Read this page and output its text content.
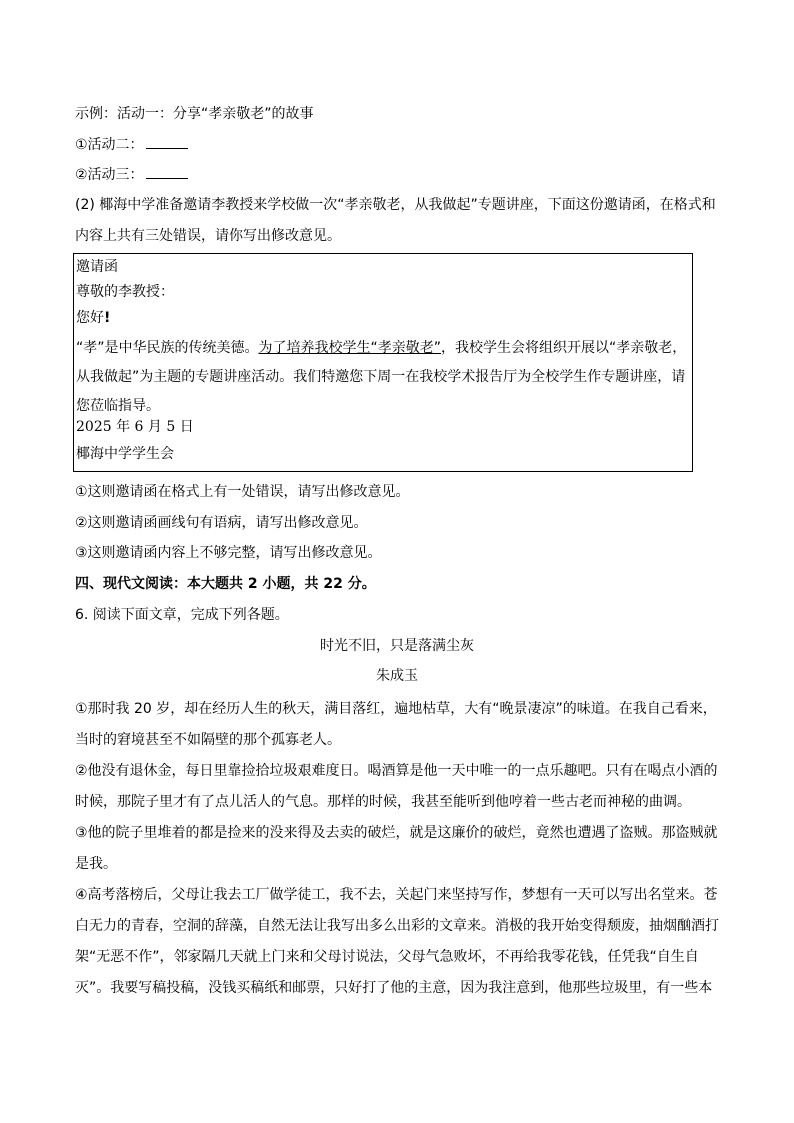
示例：活动一：分享“孝亲敬老”的故事
①活动二：
②活动三：
(2) 椰海中学准备邀请李教授来学校做一次“孝亲敬老，从我做起”专题讲座，下面这份邀请函，在格式和内容上共有三处错误，请你写出修改意见。
邀请函
尊敬的李教授：
您好!
“孝”是中华民族的传统美德。为了培养我校学生“孝亲敬老”，我校学生会将组织开展以“孝亲敬老，从我做起”为主题的专题讲座活动。我们特邀您下周一在我校学术报告厅为全校学生作专题讲座，请您莅临指导。
2025 年 6 月 5 日
椰海中学学生会
①这则邀请函在格式上有一处错误，请写出修改意见。
②这则邀请函画线句有语病，请写出修改意见。
③这则邀请函内容上不够完整，请写出修改意见。
四、现代文阅读：本大题共 2 小题，共 22 分。
6. 阅读下面文章，完成下列各题。
时光不旧，只是落满尘灰
朱成玉
①那时我 20 岁，却在经历人生的秋天，满目落红，遍地枯草，大有“晚景凄凉”的味道。在我自己看来，当时的窘境甚至不如隔壁的那个孤寡老人。
②他没有退休金，每日里靠捡拾垃圾艰难度日。喝酒算是他一天中唯一的一点乐趣吧。只有在喝点小酒的时候，那院子里才有了点儿活人的气息。那样的时候，我甚至能听到他哼着一些古老而神秘的曲调。
③他的院子里堆着的都是捡来的没来得及去卖的破烂，就是这廉价的破烂，竟然也遭遇了盗贼。那盗贼就是我。
④高考落榜后，父母让我去工厂做学徒工，我不去，关起门来坚持写作，梦想有一天可以写出名堂来。苍白无力的青春，空洞的辞藻，自然无法让我写出多么出彩的文章来。消极的我开始变得颓废，抽烟酗酒打架“无恶不作”，邻家隔几天就上门来和父母讨说法，父母气急败坏，不再给我零花钱，任凭我“自生自灭”。我要写稿投稿，没钱买稿纸和邮票，只好打了他的主意，因为我注意到，他那些垃圾里，有一些本
